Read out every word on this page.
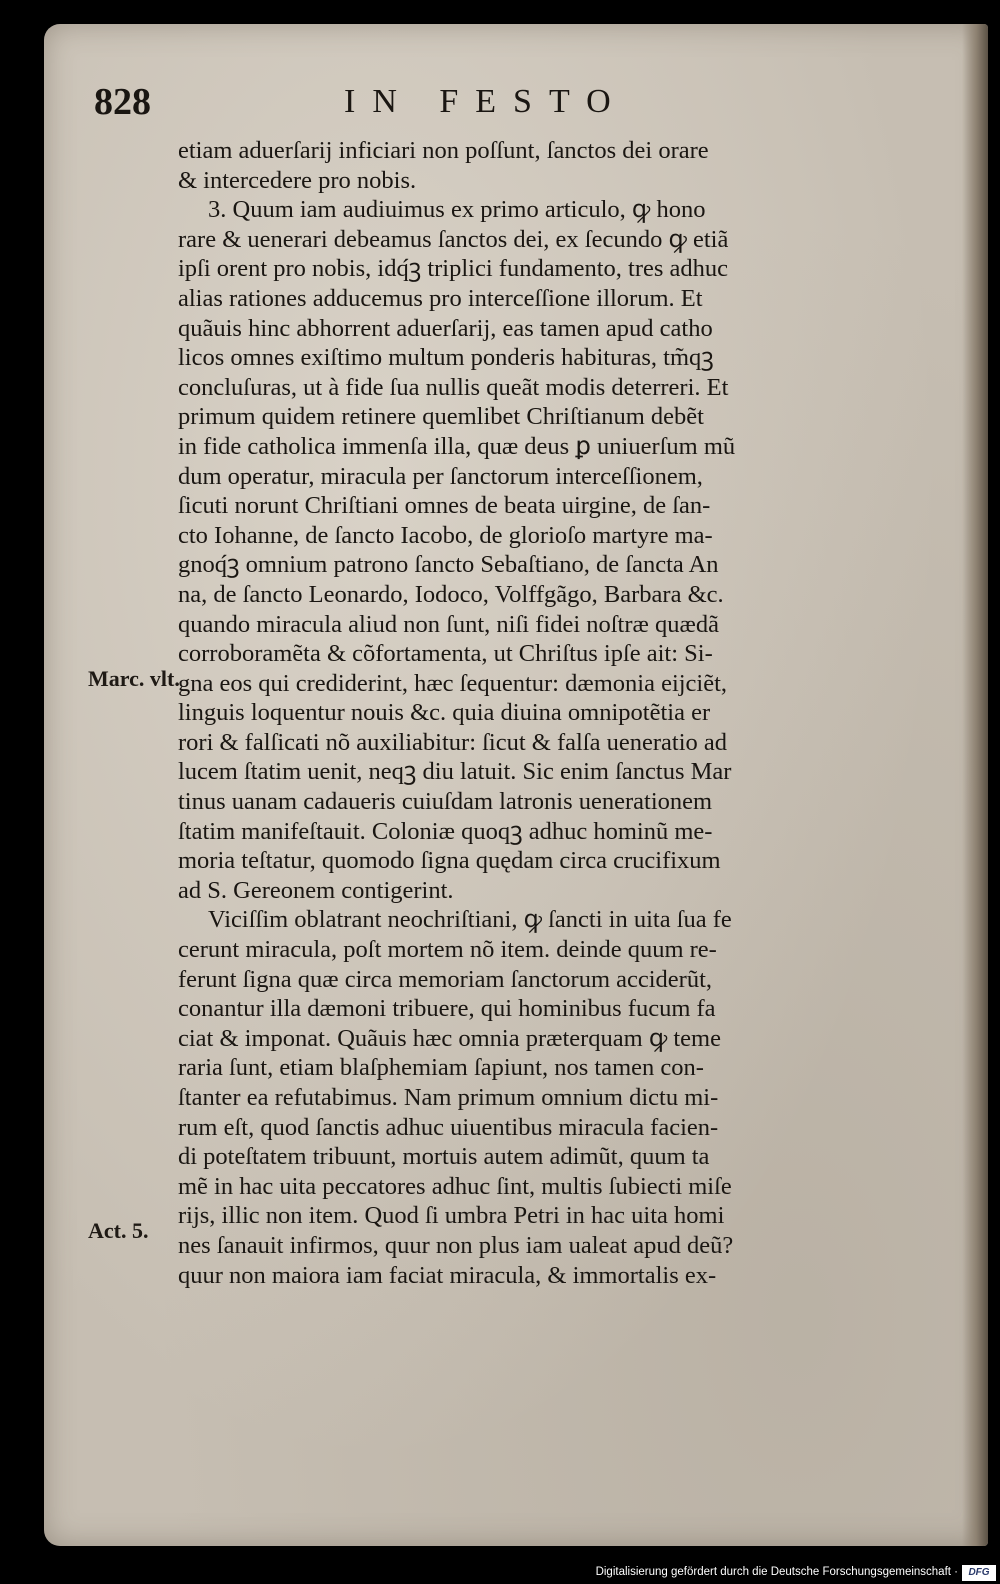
828	IN FESTO
etiam aduerſarij inficiari non poſſunt, ſanctos dei orare
& intercedere pro nobis.
3. Quum iam audiuimus ex primo articulo, ꝙ hono
rare & uenerari debeamus ſanctos dei, ex ſecundo ꝙ etiã
ipſi orent pro nobis, idq́ꝫ triplici fundamento, tres adhuc
alias rationes adducemus pro interceſſione illorum. Et
quãuis hinc abhorrent aduerſarij, eas tamen apud catho
licos omnes exiſtimo multum ponderis habituras, tm̃qꝫ
concluſuras, ut à fide ſua nullis queãt modis deterreri. Et
primum quidem retinere quemlibet Chriſtianum debẽt
in fide catholica immenſa illa, quæ deus ꝑ uniuerſum mũ
dum operatur, miracula per ſanctorum interceſſionem,
ſicuti norunt Chriſtiani omnes de beata uirgine, de ſan-
cto Iohanne, de ſancto Iacobo, de glorioſo martyre ma-
gnoq́ꝫ omnium patrono ſancto Sebaſtiano, de ſancta An
na, de ſancto Leonardo, Iodoco, Volffgãgo, Barbara &c.
quando miracula aliud non ſunt, niſi fidei noſtræ quædã
corroboramẽta & cõfortamenta, ut Chriſtus ipſe ait: Si-
gna eos qui crediderint, hæc ſequentur: dæmonia eijciẽt,
linguis loquentur nouis &c. quia diuina omnipotẽtia er
rori & falſicati nõ auxiliabitur: ſicut & falſa ueneratio ad
lucem ſtatim uenit, neqꝫ diu latuit. Sic enim ſanctus Mar
tinus uanam cadaueris cuiuſdam latronis uenerationem
ſtatim manifeſtauit. Coloniæ quoqꝫ adhuc hominũ me-
moria teſtatur, quomodo ſigna quędam circa crucifixum
ad S. Gereonem contigerint.
Viciſſim oblatrant neochriſtiani, ꝙ ſancti in uita ſua fe
cerunt miracula, poſt mortem nõ item. deinde quum re-
ferunt ſigna quæ circa memoriam ſanctorum acciderũt,
conantur illa dæmoni tribuere, qui hominibus fucum fa
ciat & imponat. Quãuis hæc omnia præterquam ꝙ teme
raria ſunt, etiam blaſphemiam ſapiunt, nos tamen con-
ſtanter ea refutabimus. Nam primum omnium dictu mi-
rum eſt, quod ſanctis adhuc uiuentibus miracula facien-
di poteſtatem tribuunt, mortuis autem adimũt, quum ta
mẽ in hac uita peccatores adhuc ſint, multis ſubiecti miſe
rijs, illic non item. Quod ſi umbra Petri in hac uita homi
nes ſanauit infirmos, quur non plus iam ualeat apud deũ?
quur non maiora iam faciat miracula, & immortalis ex-
Marc. vlt.
Act. 5.
Digitalisierung gefördert durch die Deutsche Forschungsgemeinschaft ·	DFG
